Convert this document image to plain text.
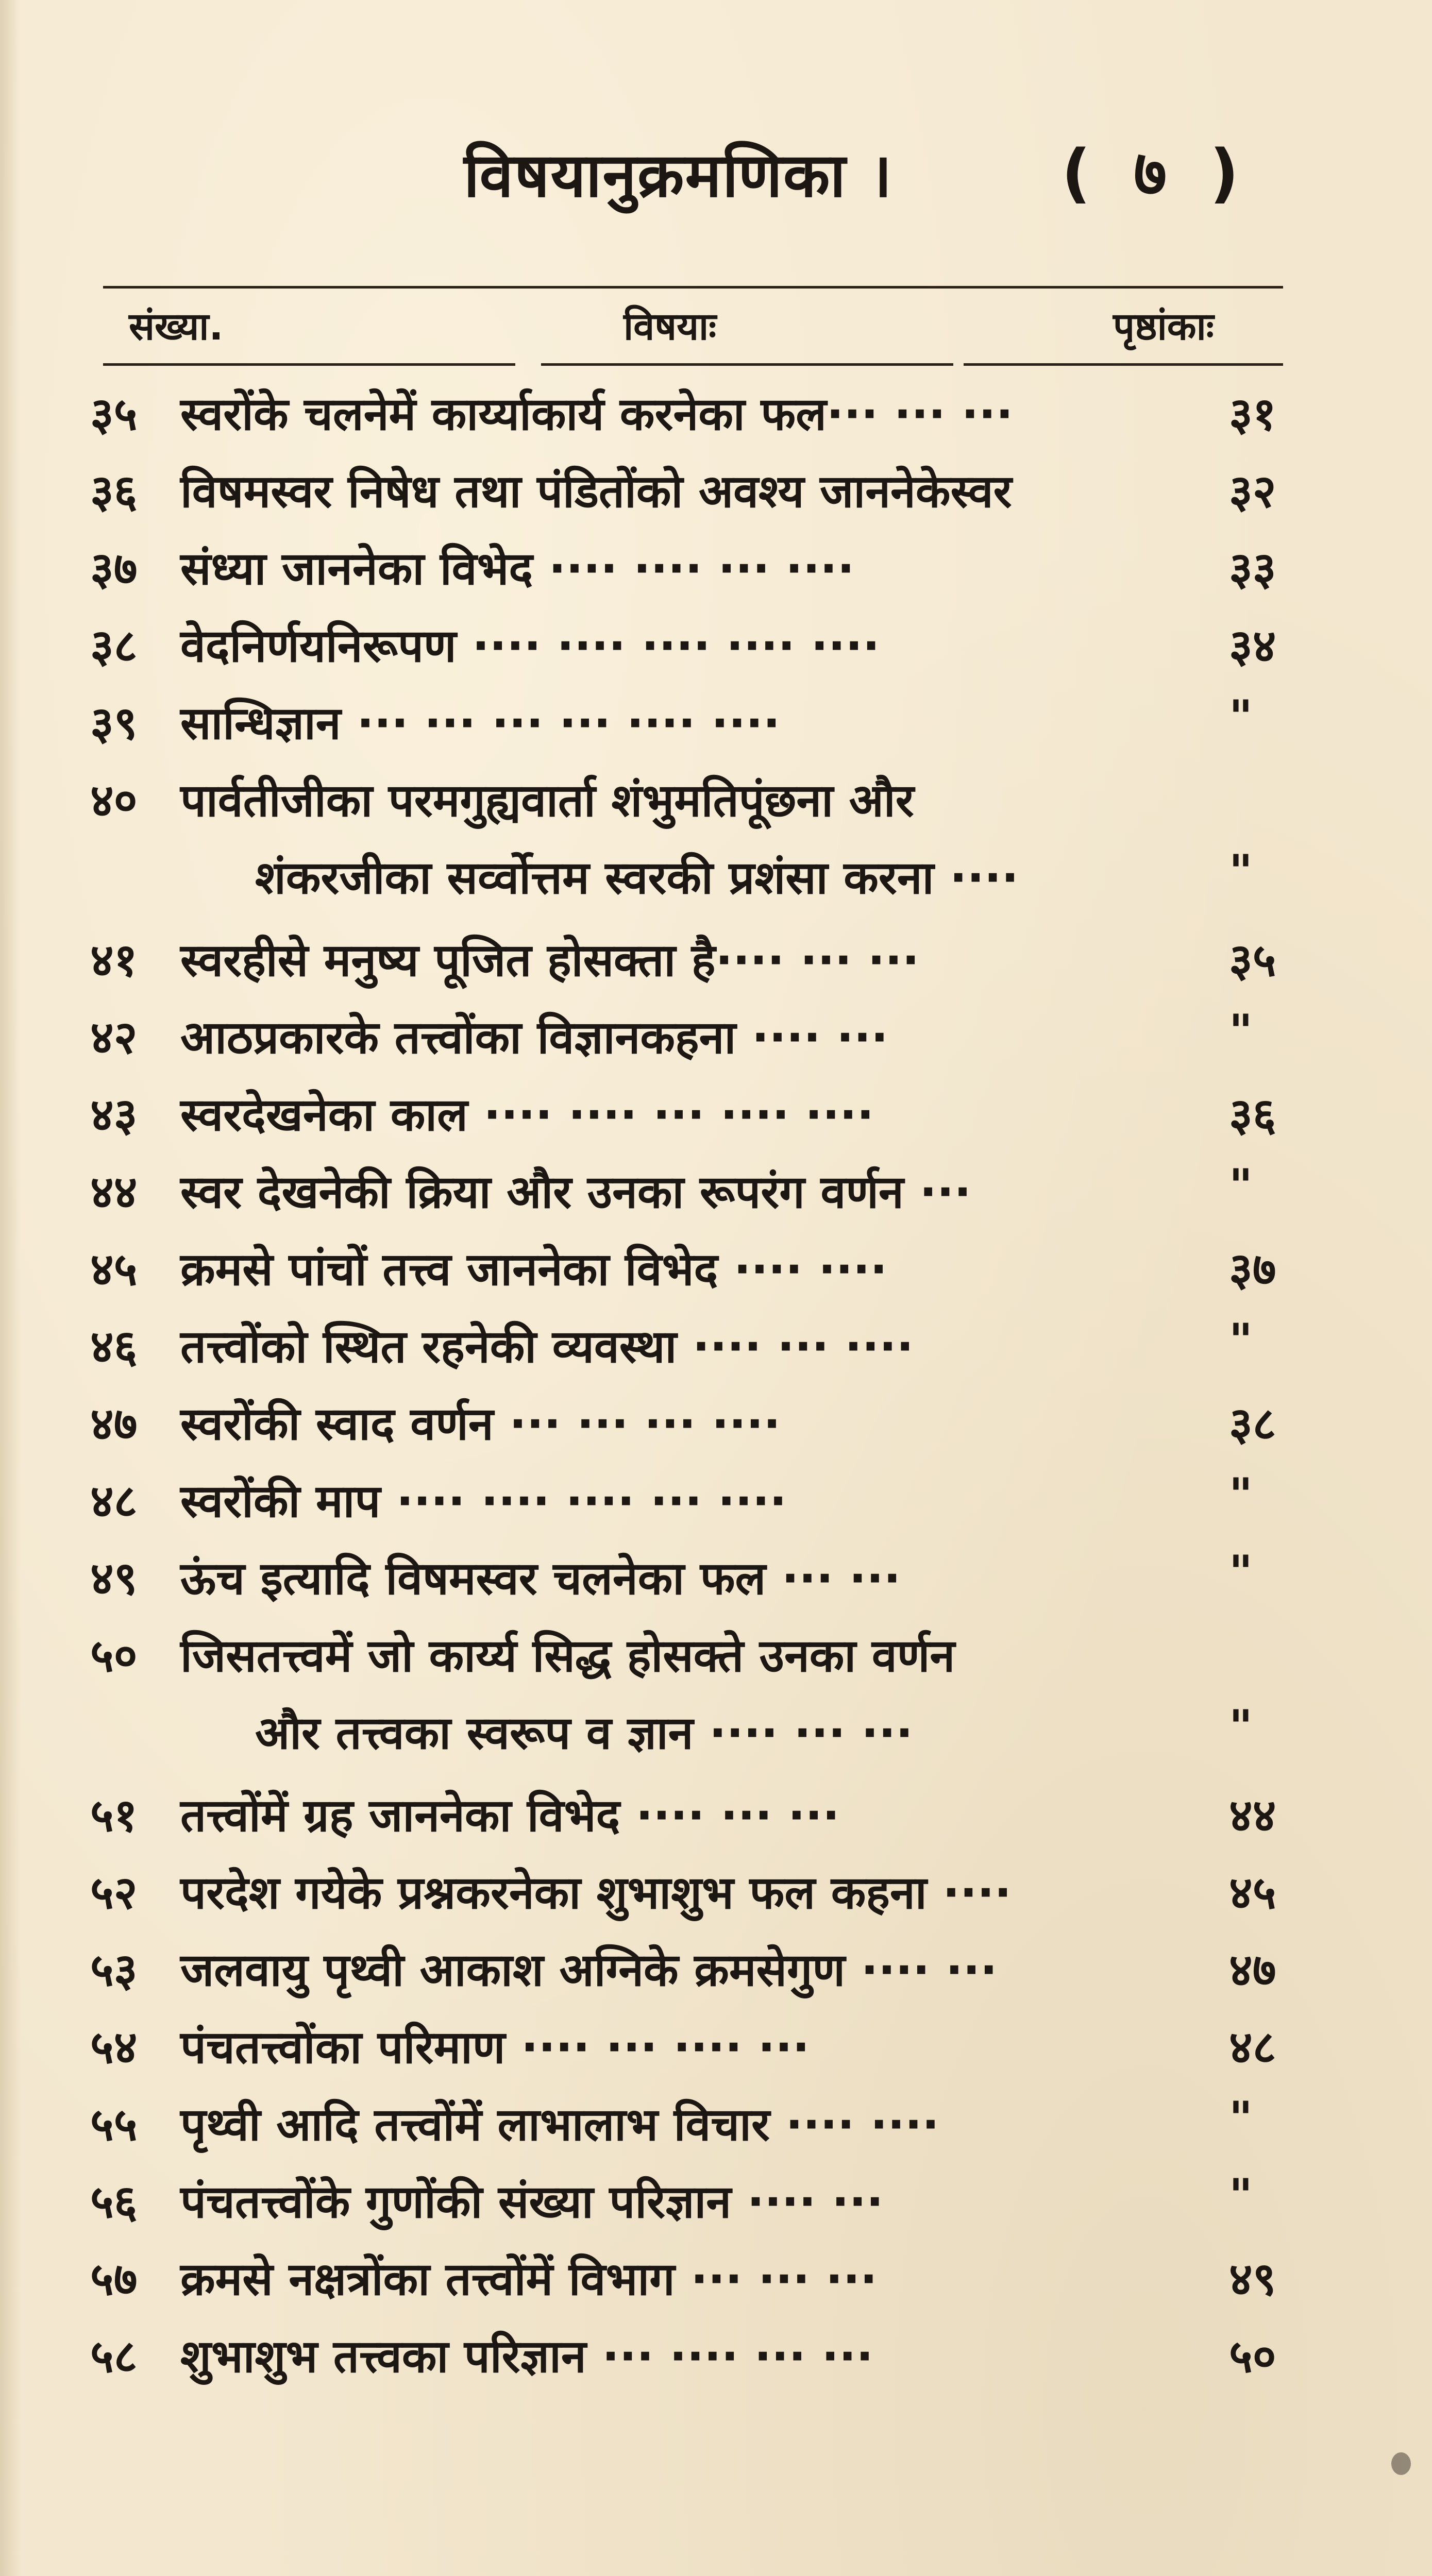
विषयानुक्रमणिका ।	( ७ )
संख्या.	विषयाः	पृष्ठांकाः
३५ स्वरोंके चलनेमें कार्य्याकार्य करनेका फल··· ··· ···	३१
३६ विषमस्वर निषेध तथा पंडितोंको अवश्य जाननेकेस्वर	३२
३७ संध्या जाननेका विभेद ···· ···· ··· ····	३३
३८ वेदनिर्णयनिरूपण ···· ···· ···· ···· ····	३४
३९ सान्धिज्ञान ··· ··· ··· ··· ···· ····	"
४० पार्वतीजीका परमगुह्यवार्ता शंभुमतिपूंछना और
शंकरजीका सर्व्वोत्तम स्वरकी प्रशंसा करना ····	"
४१ स्वरहीसे मनुष्य पूजित होसक्ता है···· ··· ···	३५
४२ आठप्रकारके तत्त्वोंका विज्ञानकहना ···· ···	"
४३ स्वरदेखनेका काल ···· ···· ··· ···· ····	३६
४४ स्वर देखनेकी क्रिया और उनका रूपरंग वर्णन ···	"
४५ क्रमसे पांचों तत्त्व जाननेका विभेद ···· ····	३७
४६ तत्त्वोंको स्थित रहनेकी व्यवस्था ···· ··· ····	"
४७ स्वरोंकी स्वाद वर्णन ··· ··· ··· ····	३८
४८ स्वरोंकी माप ···· ···· ···· ··· ····	"
४९ ऊंच इत्यादि विषमस्वर चलनेका फल ··· ···	"
५० जिसतत्त्वमें जो कार्य्य सिद्ध होसक्ते उनका वर्णन
और तत्त्वका स्वरूप व ज्ञान ···· ··· ···	"
५१ तत्त्वोंमें ग्रह जाननेका विभेद ···· ··· ···	४४
५२ परदेश गयेके प्रश्नकरनेका शुभाशुभ फल कहना ····	४५
५३ जलवायु पृथ्वी आकाश अग्निके क्रमसेगुण ···· ···	४७
५४ पंचतत्त्वोंका परिमाण ···· ··· ···· ···	४८
५५ पृथ्वी आदि तत्त्वोंमें लाभालाभ विचार ···· ····	"
५६ पंचतत्त्वोंके गुणोंकी संख्या परिज्ञान ···· ···	"
५७ क्रमसे नक्षत्रोंका तत्त्वोंमें विभाग ··· ··· ···	४९
५८ शुभाशुभ तत्त्वका परिज्ञान ··· ···· ··· ···	५०
